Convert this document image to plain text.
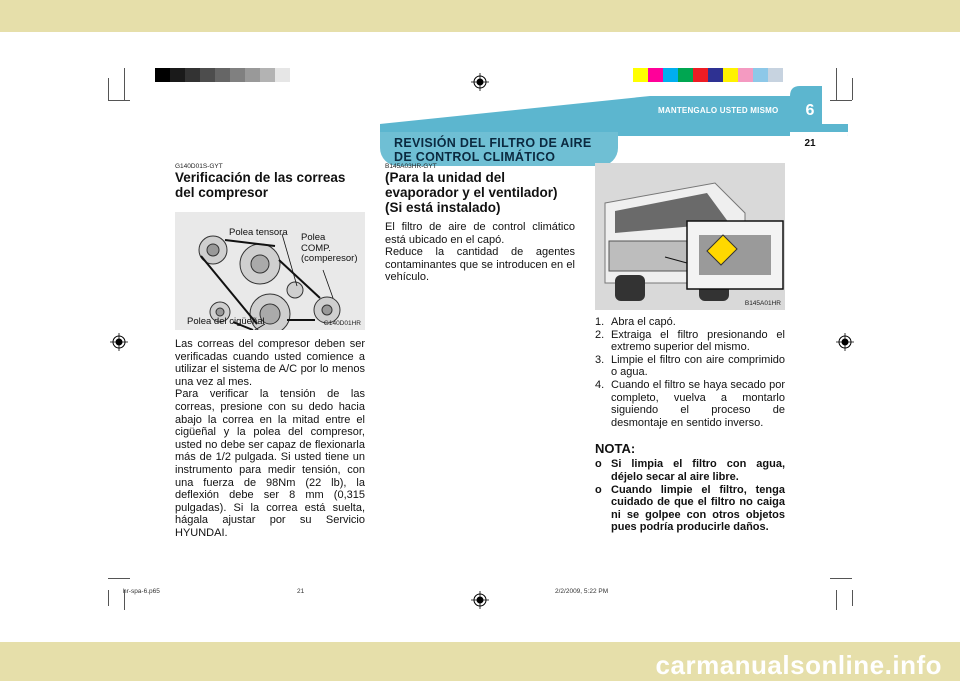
MANTENGALO USTED MISMO	6
21
REVISIÓN DEL FILTRO DE AIRE
DE CONTROL CLIMÁTICO
G140D01S-GYT
Verificación de las correas del compresor
Polea tensora Polea
COMP.
(comperesor)
Polea del cigüeñal	G140D01HR
Las correas del compresor deben ser verificadas cuando usted comience a utilizar el sistema de A/C por lo menos una vez al mes.
Para verificar la tensión de las correas, presione con su dedo hacia abajo la correa en la mitad entre el cigüeñal y la polea del compresor, usted no debe ser capaz de flexionarla más de 1/2 pulgada. Si usted tiene un instrumento para medir tensión, con una fuerza de 98Nm (22 lb), la deflexión debe ser 8 mm (0,315 pulgadas). Si la correa está suelta, hágala ajustar por su Servicio HYUNDAI.
B145A03HR-GYT
(Para la unidad del evaporador y el ventilador) (Si está instalado)
El filtro de aire de control climático está ubicado en el capó.
Reduce la cantidad de agentes contaminantes que se introducen en el vehículo.
B145A01HR
1. Abra el capó.
2. Extraiga el filtro presionando el extremo superior del mismo.
3. Limpie el filtro con aire comprimido o agua.
4. Cuando el filtro se haya secado por completo, vuelva a montarlo siguiendo el proceso de desmontaje en sentido inverso.
NOTA:
o Si limpia el filtro con agua, déjelo secar al aire libre.
o Cuando limpie el filtro, tenga cuidado de que el filtro no caiga ni se golpee con otros objetos pues podría producirle daños.
hr-spa-6.p65	21	2/2/2009, 5:22 PM
carmanualsonline.info
